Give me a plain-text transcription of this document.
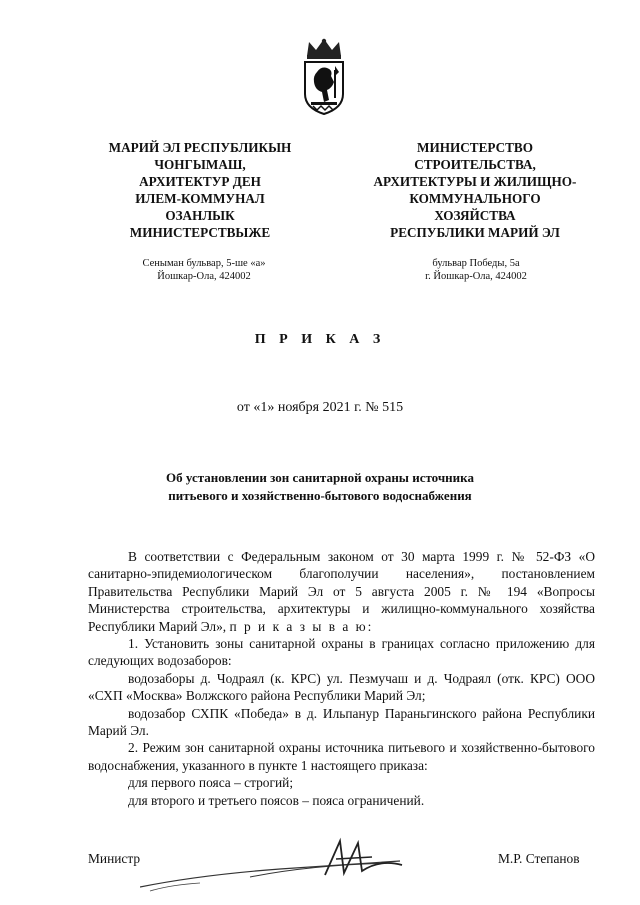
МАРИЙ ЭЛ РЕСПУБЛИКЫН

ЧОНГЫМАШ,

АРХИТЕКТУР ДЕН

ИЛЕМ-КОММУНАЛ

ОЗАНЛЫК

МИНИСТЕРСТВЫЖЕ

МИНИСТЕРСТВО

СТРОИТЕЛЬСТВА,

АРХИТЕКТУРЫ И ЖИЛИЩНО-

КОММУНАЛЬНОГО

ХОЗЯЙСТВА

РЕСПУБЛИКИ МАРИЙ ЭЛ

Сеныман бульвар, 5-ше «а»

Йошкар-Ола, 424002

бульвар Победы, 5а

г. Йошкар-Ола, 424002

П Р И К А З
от «1» ноября 2021 г. № 515

Об установлении зон санитарной охраны источника

питьевого и хозяйственно-бытового водоснабжения

В соответствии с Федеральным законом от 30 марта 1999 г. № 52-ФЗ «О санитарно-эпидемиологическом благополучии населения», постановлением Правительства Республики Марий Эл от 5 августа 2005 г. № 194 «Вопросы Министерства строительства, архитектуры и жилищно-коммунального хозяйства Республики Марий Эл», п р и к а з ы в а ю:

1. Установить зоны санитарной охраны в границах согласно приложению для следующих водозаборов:

водозаборы д. Чодраял (к. КРС) ул. Пезмучаш и д. Чодраял (отк. КРС) ООО «СХП «Москва» Волжского района Республики Марий Эл;

водозабор СХПК «Победа» в д. Ильпанур Параньгинского района Республики Марий Эл.

2. Режим зон санитарной охраны источника питьевого и хозяйственно-бытового водоснабжения, указанного в пункте 1 настоящего приказа:

для первого пояса – строгий;

для второго и третьего поясов – пояса ограничений.

Министр	М.Р. Степанов
